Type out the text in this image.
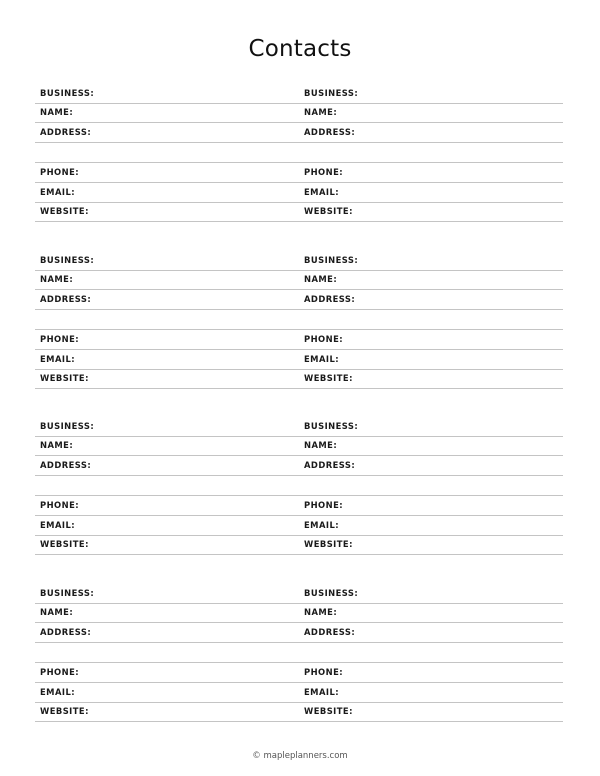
Contacts
BUSINESS:
NAME:
ADDRESS:
PHONE:
EMAIL:
WEBSITE:
BUSINESS:
NAME:
ADDRESS:
PHONE:
EMAIL:
WEBSITE:
BUSINESS:
NAME:
ADDRESS:
PHONE:
EMAIL:
WEBSITE:
BUSINESS:
NAME:
ADDRESS:
PHONE:
EMAIL:
WEBSITE:
BUSINESS:
NAME:
ADDRESS:
PHONE:
EMAIL:
WEBSITE:
BUSINESS:
NAME:
ADDRESS:
PHONE:
EMAIL:
WEBSITE:
BUSINESS:
NAME:
ADDRESS:
PHONE:
EMAIL:
WEBSITE:
BUSINESS:
NAME:
ADDRESS:
PHONE:
EMAIL:
WEBSITE:
© mapleplanners.com
